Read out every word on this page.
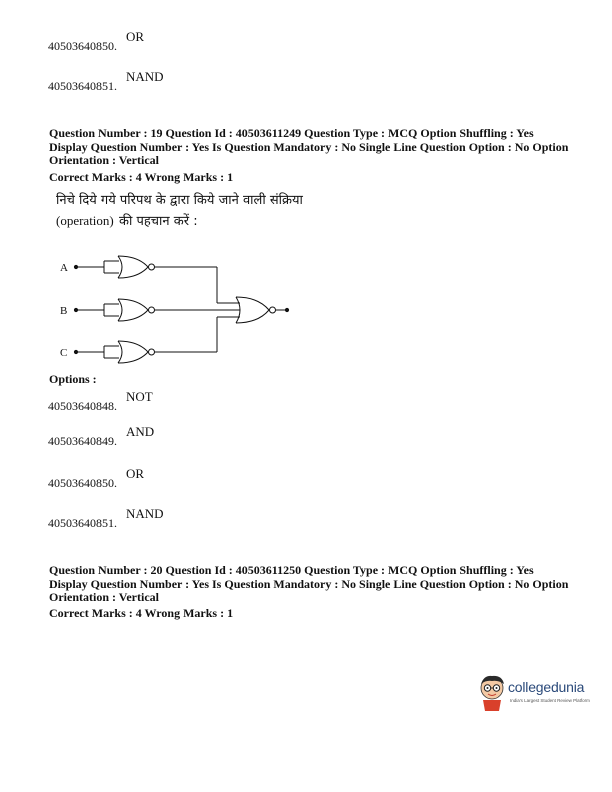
40503640850.
OR
40503640851.
NAND
Question Number : 19 Question Id : 40503611249 Question Type : MCQ Option Shuffling : Yes
Display Question Number : Yes Is Question Mandatory : No Single Line Question Option : No Option
Orientation : Vertical
Correct Marks : 4 Wrong Marks : 1
निचे दिये गये परिपथ के द्वारा किये जाने वाली संक्रिया
(operation) की पहचान करें :
A
B
C
Options :
40503640848.
NOT
40503640849.
AND
40503640850.
OR
40503640851.
NAND
Question Number : 20 Question Id : 40503611250 Question Type : MCQ Option Shuffling : Yes
Display Question Number : Yes Is Question Mandatory : No Single Line Question Option : No Option
Orientation : Vertical
Correct Marks : 4 Wrong Marks : 1
collegedunia
India's Largest Student Review Platform
